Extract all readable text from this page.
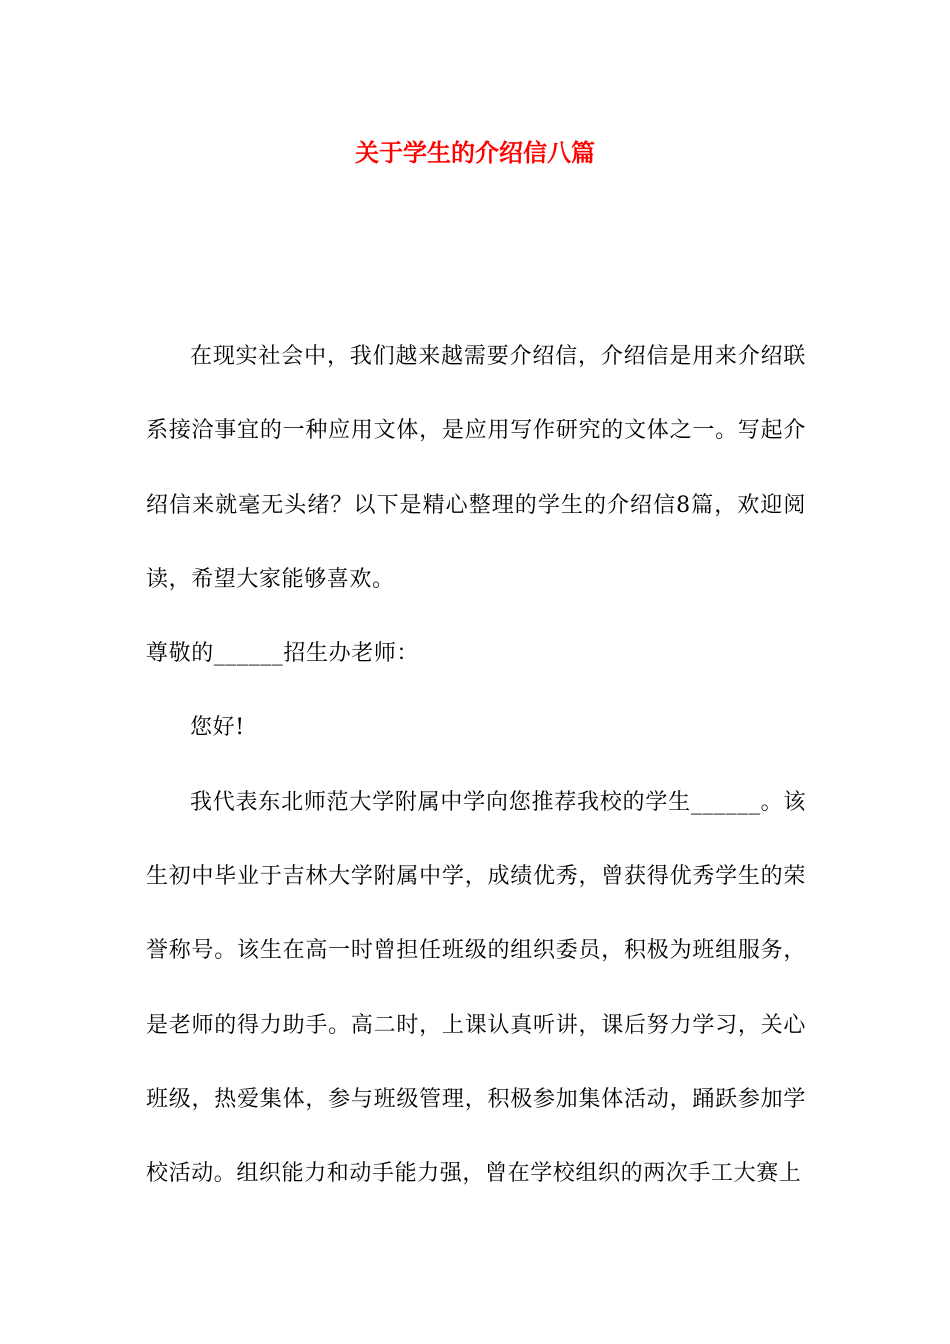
关于学生的介绍信八篇

在现实社会中，我们越来越需要介绍信，介绍信是用来介绍联系接洽事宜的一种应用文体，是应用写作研究的文体之一。写起介绍信来就毫无头绪？以下是精心整理的学生的介绍信8篇，欢迎阅读，希望大家能够喜欢。

尊敬的______招生办老师：

您好!

我代表东北师范大学附属中学向您推荐我校的学生______。该生初中毕业于吉林大学附属中学，成绩优秀，曾获得优秀学生的荣誉称号。该生在高一时曾担任班级的组织委员，积极为班组服务，是老师的得力助手。高二时，上课认真听讲，课后努力学习，关心班级，热爱集体，参与班级管理，积极参加集体活动，踊跃参加学校活动。组织能力和动手能力强，曾在学校组织的两次手工大赛上
